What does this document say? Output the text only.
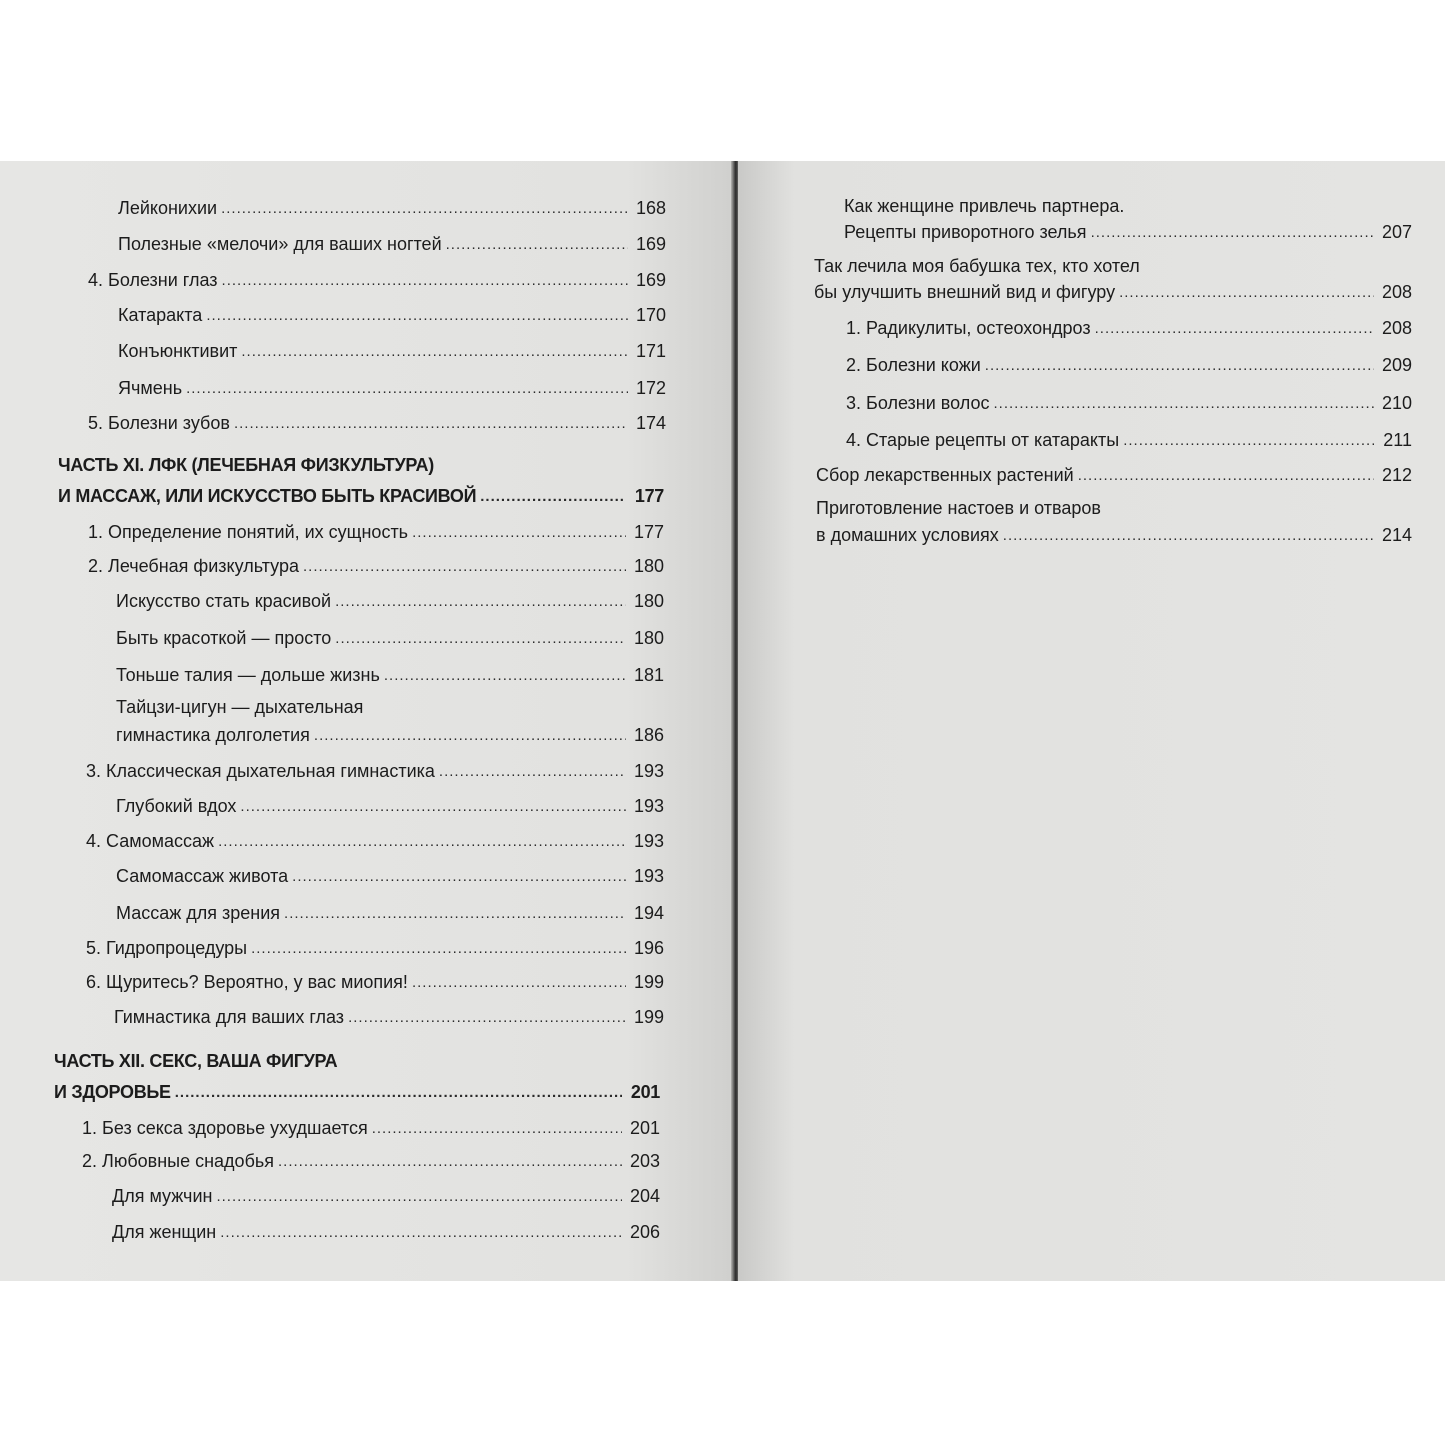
Лейконихии .....	168
Полезные «мелочи» для ваших ногтей .....	169
4. Болезни глаз .....	169
Катаракта .....	170
Конъюнктивит .....	171
Ячмень .....	172
5. Болезни зубов .....	174
ЧАСТЬ XI. ЛФК (ЛЕЧЕБНАЯ ФИЗКУЛЬТУРА)
И МАССАЖ, ИЛИ ИСКУССТВО БЫТЬ КРАСИВОЙ .....	177
1. Определение понятий, их сущность .....	177
2. Лечебная физкультура .....	180
Искусство стать красивой .....	180
Быть красоткой — просто .....	180
Тоньше талия — дольше жизнь .....	181
Тайцзи-цигун — дыхательная
гимнастика долголетия .....	186
3. Классическая дыхательная гимнастика .....	193
Глубокий вдох .....	193
4. Самомассаж .....	193
Самомассаж живота .....	193
Массаж для зрения .....	194
5. Гидропроцедуры .....	196
6. Щуритесь? Вероятно, у вас миопия! .....	199
Гимнастика для ваших глаз .....	199
ЧАСТЬ XII. СЕКС, ВАША ФИГУРА
И ЗДОРОВЬЕ .....	201
1. Без секса здоровье ухудшается .....	201
2. Любовные снадобья .....	203
Для мужчин .....	204
Для женщин .....	206
Как женщине привлечь партнера.
Рецепты приворотного зелья .....	207
Так лечила моя бабушка тех, кто хотел
бы улучшить внешний вид и фигуру .....	208
1. Радикулиты, остеохондроз .....	208
2. Болезни кожи .....	209
3. Болезни волос .....	210
4. Старые рецепты от катаракты .....	211
Сбор лекарственных растений .....	212
Приготовление настоев и отваров
в домашних условиях .....	214
